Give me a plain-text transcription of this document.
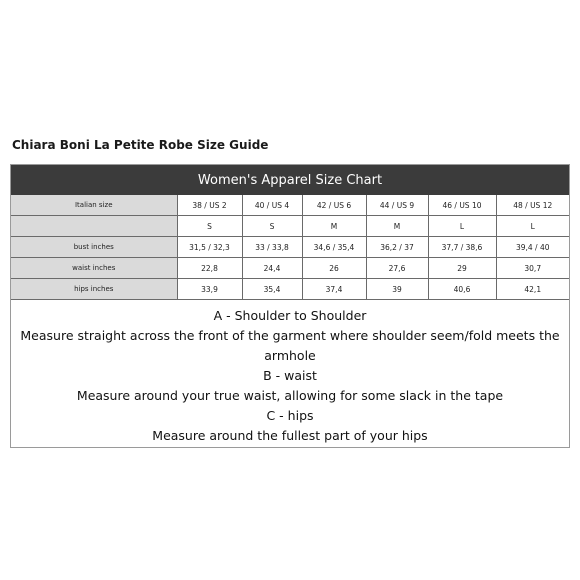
Chiara Boni La Petite Robe Size Guide
Women's Apparel Size Chart
Italian size	38 / US 2	40 / US 4	42 / US 6	44 / US 9	46 / US 10	48 / US 12
	S	S	M	M	L	L
bust inches	31,5 / 32,3	33 / 33,8	34,6 / 35,4	36,2 / 37	37,7 / 38,6	39,4 / 40
waist inches	22,8	24,4	26	27,6	29	30,7
hips inches	33,9	35,4	37,4	39	40,6	42,1
A - Shoulder to Shoulder
Measure straight across the front of the garment where shoulder seem/fold meets the
armhole
B - waist
Measure around your true waist, allowing for some slack in the tape
C - hips
Measure around the fullest part of your hips
